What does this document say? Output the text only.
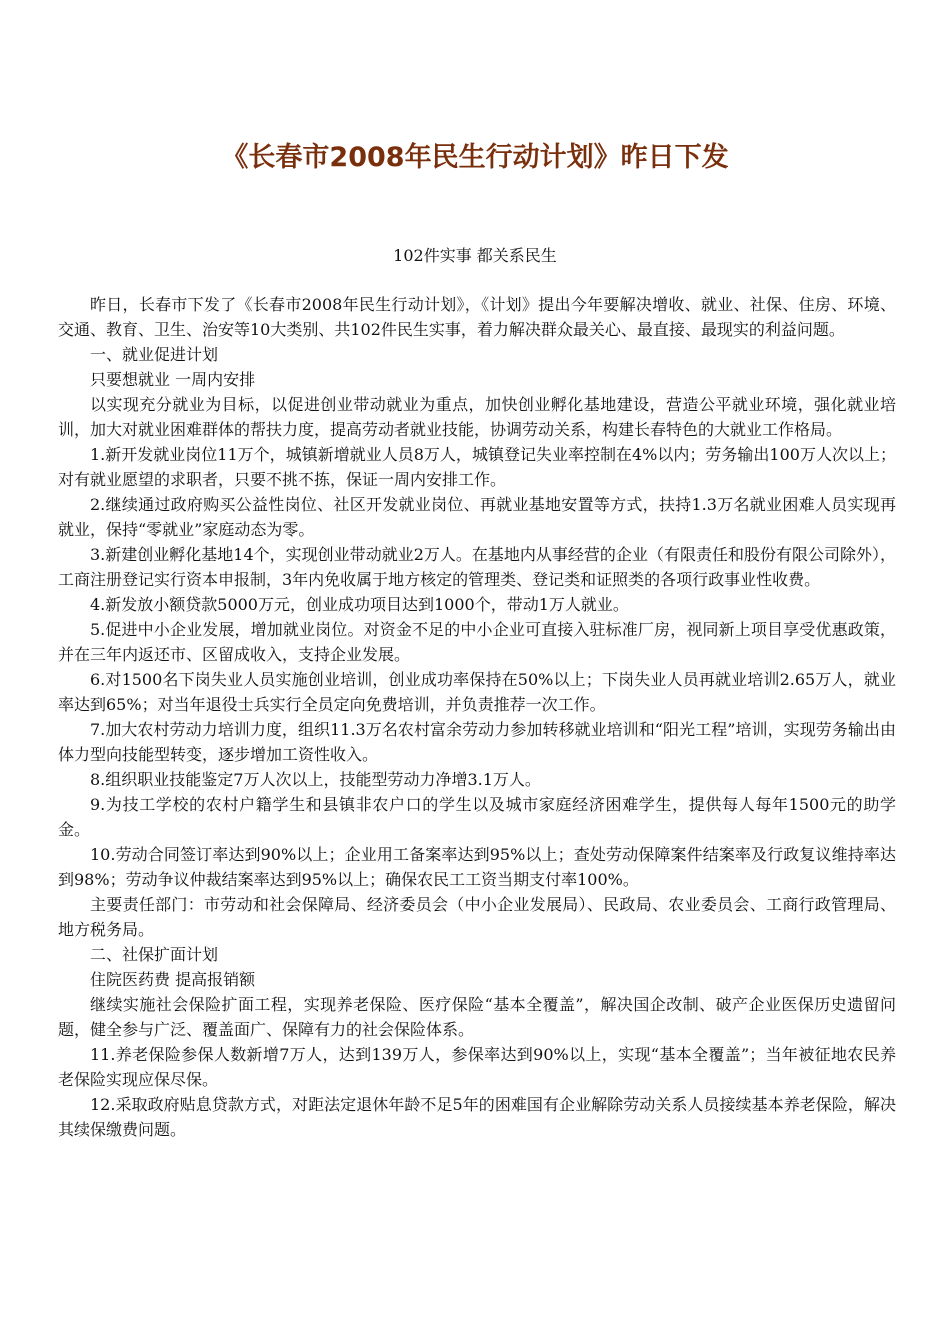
《长春市2008年民生行动计划》昨日下发
102件实事 都关系民生

昨日，长春市下发了《长春市2008年民生行动计划》，《计划》提出今年要解决增收、就业、社保、住房、环境、交通、教育、卫生、治安等10大类别、共102件民生实事，着力解决群众最关心、最直接、最现实的利益问题。

一、就业促进计划

只要想就业 一周内安排

以实现充分就业为目标，以促进创业带动就业为重点，加快创业孵化基地建设，营造公平就业环境，强化就业培训，加大对就业困难群体的帮扶力度，提高劳动者就业技能，协调劳动关系，构建长春特色的大就业工作格局。

1.新开发就业岗位11万个，城镇新增就业人员8万人，城镇登记失业率控制在4%以内；劳务输出100万人次以上；对有就业愿望的求职者，只要不挑不拣，保证一周内安排工作。

2.继续通过政府购买公益性岗位、社区开发就业岗位、再就业基地安置等方式，扶持1.3万名就业困难人员实现再就业，保持“零就业”家庭动态为零。

3.新建创业孵化基地14个，实现创业带动就业2万人。在基地内从事经营的企业（有限责任和股份有限公司除外），工商注册登记实行资本申报制，3年内免收属于地方核定的管理类、登记类和证照类的各项行政事业性收费。

4.新发放小额贷款5000万元，创业成功项目达到1000个，带动1万人就业。

5.促进中小企业发展，增加就业岗位。对资金不足的中小企业可直接入驻标准厂房，视同新上项目享受优惠政策，并在三年内返还市、区留成收入，支持企业发展。

6.对1500名下岗失业人员实施创业培训，创业成功率保持在50%以上；下岗失业人员再就业培训2.65万人，就业率达到65%；对当年退役士兵实行全员定向免费培训，并负责推荐一次工作。

7.加大农村劳动力培训力度，组织11.3万名农村富余劳动力参加转移就业培训和“阳光工程”培训，实现劳务输出由体力型向技能型转变，逐步增加工资性收入。

8.组织职业技能鉴定7万人次以上，技能型劳动力净增3.1万人。

9.为技工学校的农村户籍学生和县镇非农户口的学生以及城市家庭经济困难学生，提供每人每年1500元的助学金。

10.劳动合同签订率达到90%以上；企业用工备案率达到95%以上；查处劳动保障案件结案率及行政复议维持率达到98%；劳动争议仲裁结案率达到95%以上；确保农民工工资当期支付率100%。

主要责任部门：市劳动和社会保障局、经济委员会（中小企业发展局）、民政局、农业委员会、工商行政管理局、地方税务局。

二、社保扩面计划

住院医药费 提高报销额

继续实施社会保险扩面工程，实现养老保险、医疗保险“基本全覆盖”，解决国企改制、破产企业医保历史遗留问题，健全参与广泛、覆盖面广、保障有力的社会保险体系。

11.养老保险参保人数新增7万人，达到139万人，参保率达到90%以上，实现“基本全覆盖”；当年被征地农民养老保险实现应保尽保。

12.采取政府贴息贷款方式，对距法定退休年龄不足5年的困难国有企业解除劳动关系人员接续基本养老保险，解决其续保缴费问题。
